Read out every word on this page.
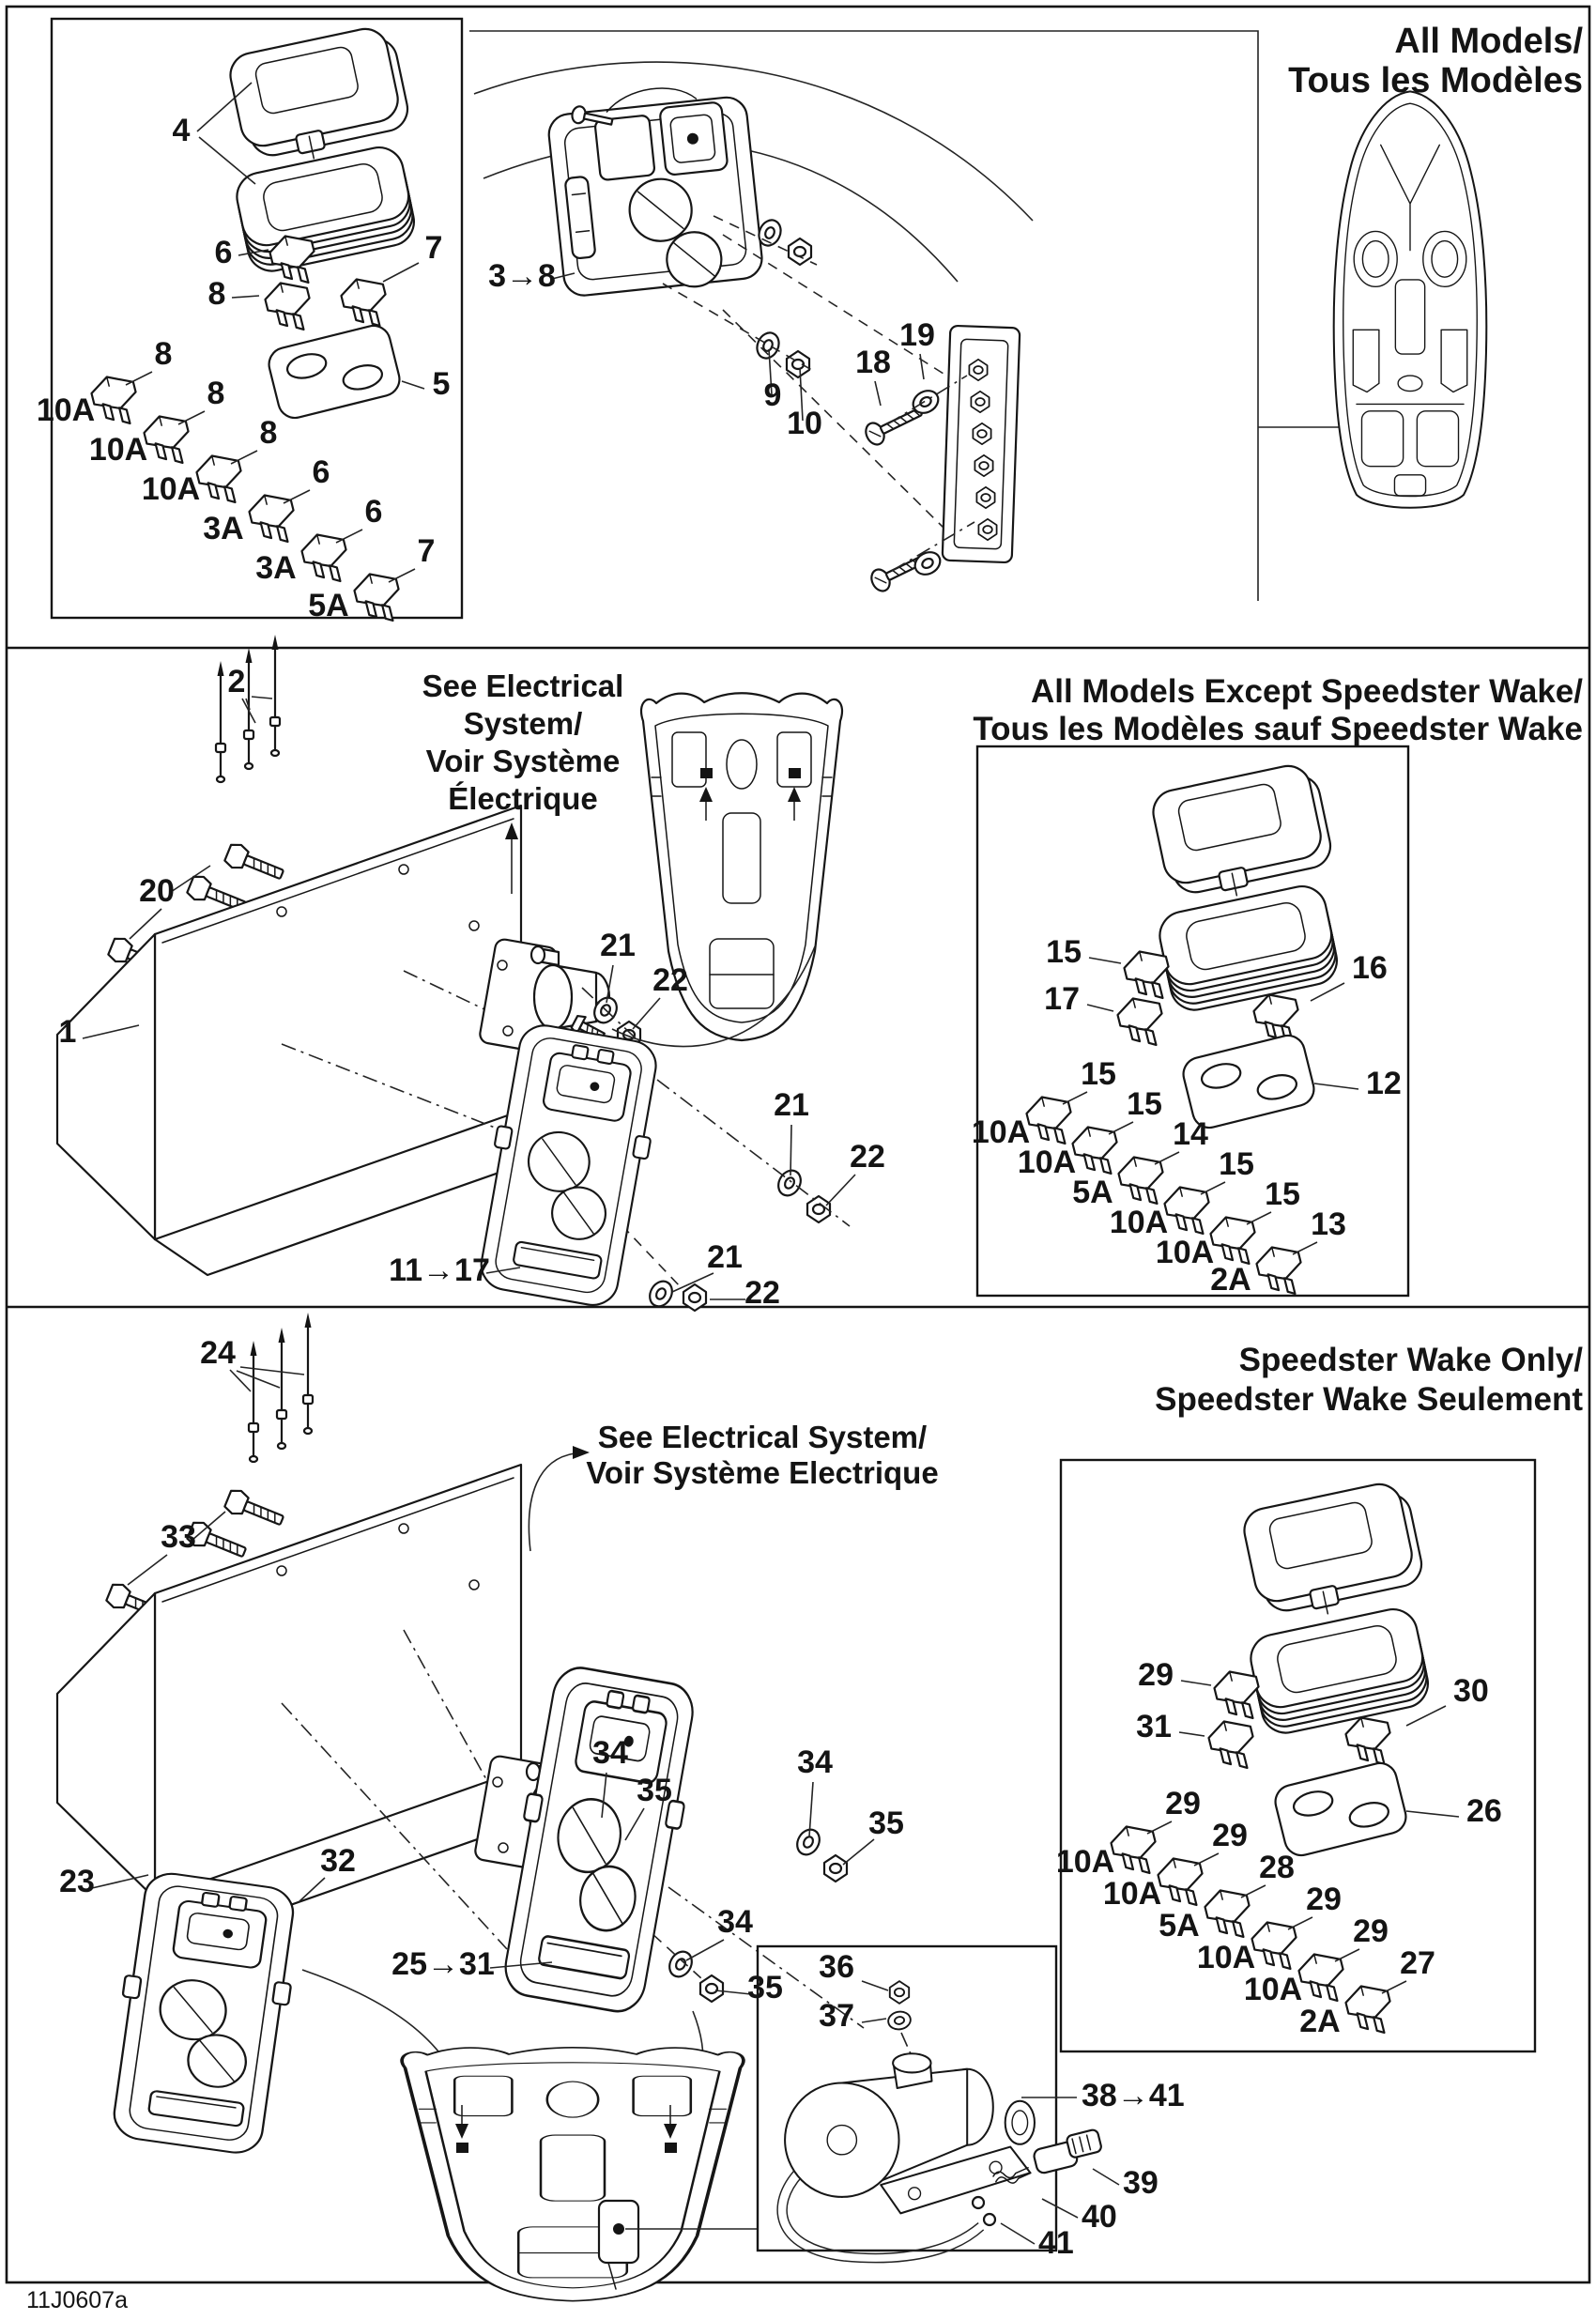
All Models/
Tous les Modèles
All Models Except Speedster Wake/
Tous les Modèles sauf Speedster Wake
See Electrical
System/
Voir Système
Électrique
Speedster Wake Only/
Speedster Wake Seulement
See Electrical System/
Voir Système Electrique
11J0607a
4
6	7
8
5
8
8
8
6
6
7
10A
10A
10A
3A
3A
5A
3→8
9
10
18
19
2
20
1
21
22
11→17
21
22
21
22
15
17
16
12
15
15
14
15
15
13
10A
10A
5A
10A
10A
2A
24
33
23
34
35
25→31
32
34
35
34
35
36
37
38→41
39
40
41
29
31
30
26
29
29
28
29
29
27
10A
10A
5A
10A
10A
2A
